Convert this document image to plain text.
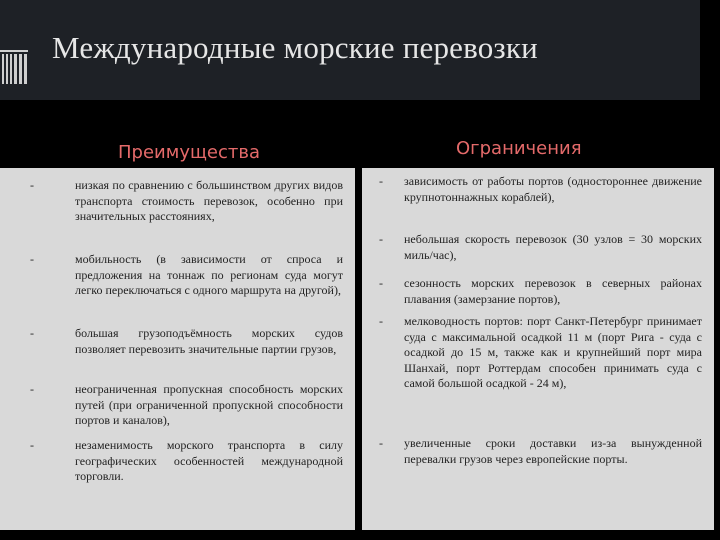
Международные морские перевозки
Преимущества	Ограничения
-	низкая по сравнению с большинством других видов транспорта стоимость перевозок, особенно при значительных расстояниях,
-	мобильность (в зависимости от спроса и предложения на тоннаж по регионам суда могут легко переключаться с одного маршрута на другой),
-	большая грузоподъёмность морских судов позволяет перевозить значительные партии грузов,
-	неограниченная пропускная способность морских путей (при ограниченной пропускной способности портов и каналов),
-	незаменимость морского транспорта в силу географических особенностей международной торговли.
-	зависимость от работы портов (одностороннее движение крупнотоннажных кораблей),
-	небольшая скорость перевозок (30 узлов = 30 морских миль/час),
-	сезонность морских перевозок в северных районах плавания (замерзание портов),
-	мелководность портов: порт Санкт-Петербург принимает суда с максимальной осадкой 11 м (порт Рига - суда с осадкой до 15 м, также как и крупнейший порт мира Шанхай, порт Роттердам способен принимать суда с самой большой осадкой - 24 м),
-	увеличенные сроки доставки из-за вынужденной перевалки грузов через европейские порты.
